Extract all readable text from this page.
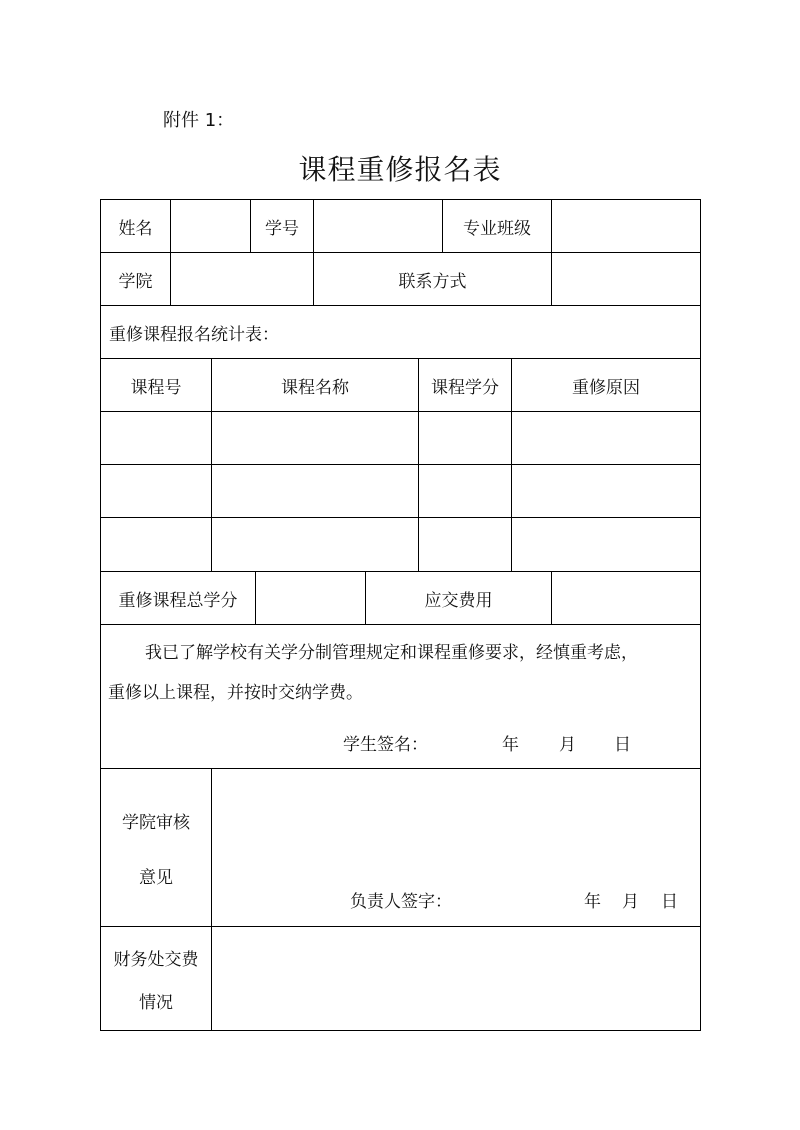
附件 1：
课程重修报名表
姓名	学号	专业班级
学院	联系方式
重修课程报名统计表：
课程号	课程名称	课程学分	重修原因
重修课程总学分	应交费用
我已了解学校有关学分制管理规定和课程重修要求，经慎重考虑，
重修以上课程，并按时交纳学费。
学生签名：	年 月 日
学院审核
意见
负责人签字：	年 月 日
财务处交费
情况
